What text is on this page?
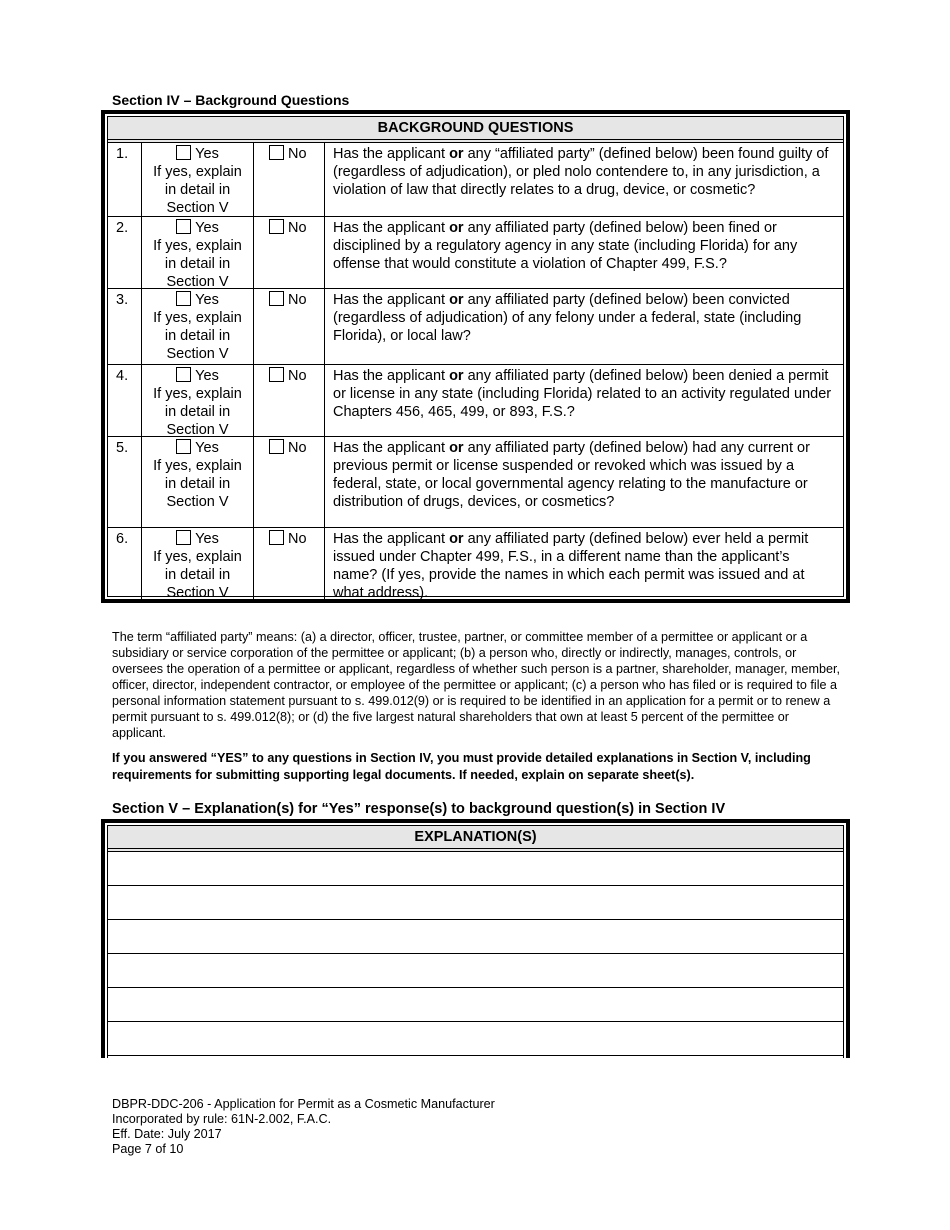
Section IV – Background Questions
BACKGROUND QUESTIONS
1.	Yes
If yes, explain
in detail in
Section V
No	Has the applicant or any “affiliated party” (defined below) been found guilty of (regardless of adjudication), or pled nolo contendere to, in any jurisdiction, a violation of law that directly relates to a drug, device, or cosmetic?
2.	Yes
If yes, explain
in detail in
Section V
No	Has the applicant or any affiliated party (defined below) been fined or disciplined by a regulatory agency in any state (including Florida) for any offense that would constitute a violation of Chapter 499, F.S.?
3.	Yes
If yes, explain
in detail in
Section V
No	Has the applicant or any affiliated party (defined below) been convicted (regardless of adjudication) of any felony under a federal, state (including Florida), or local law?
4.	Yes
If yes, explain
in detail in
Section V
No	Has the applicant or any affiliated party (defined below) been denied a permit or license in any state (including Florida) related to an activity regulated under Chapters 456, 465, 499, or 893, F.S.?
5.	Yes
If yes, explain
in detail in
Section V
No	Has the applicant or any affiliated party (defined below) had any current or previous permit or license suspended or revoked which was issued by a federal, state, or local governmental agency relating to the manufacture or distribution of drugs, devices, or cosmetics?
6.	Yes
If yes, explain
in detail in
Section V
No	Has the applicant or any affiliated party (defined below) ever held a permit issued under Chapter 499, F.S., in a different name than the applicant’s name? (If yes, provide the names in which each permit was issued and at what address).
The term “affiliated party” means: (a) a director, officer, trustee, partner, or committee member of a permittee or applicant or a subsidiary or service corporation of the permittee or applicant; (b) a person who, directly or indirectly, manages, controls, or oversees the operation of a permittee or applicant, regardless of whether such person is a partner, shareholder, manager, member, officer, director, independent contractor, or employee of the permittee or applicant; (c) a person who has filed or is required to file a personal information statement pursuant to s. 499.012(9) or is required to be identified in an application for a permit or to renew a permit pursuant to s. 499.012(8); or (d) the five largest natural shareholders that own at least 5 percent of the permittee or applicant.
If you answered “YES” to any questions in Section IV, you must provide detailed explanations in Section V, including requirements for submitting supporting legal documents. If needed, explain on separate sheet(s).
Section V – Explanation(s) for “Yes” response(s) to background question(s) in Section IV
EXPLANATION(S)
DBPR-DDC-206 - Application for Permit as a Cosmetic Manufacturer
Incorporated by rule: 61N-2.002, F.A.C.
Eff. Date: July 2017
Page 7 of 10
